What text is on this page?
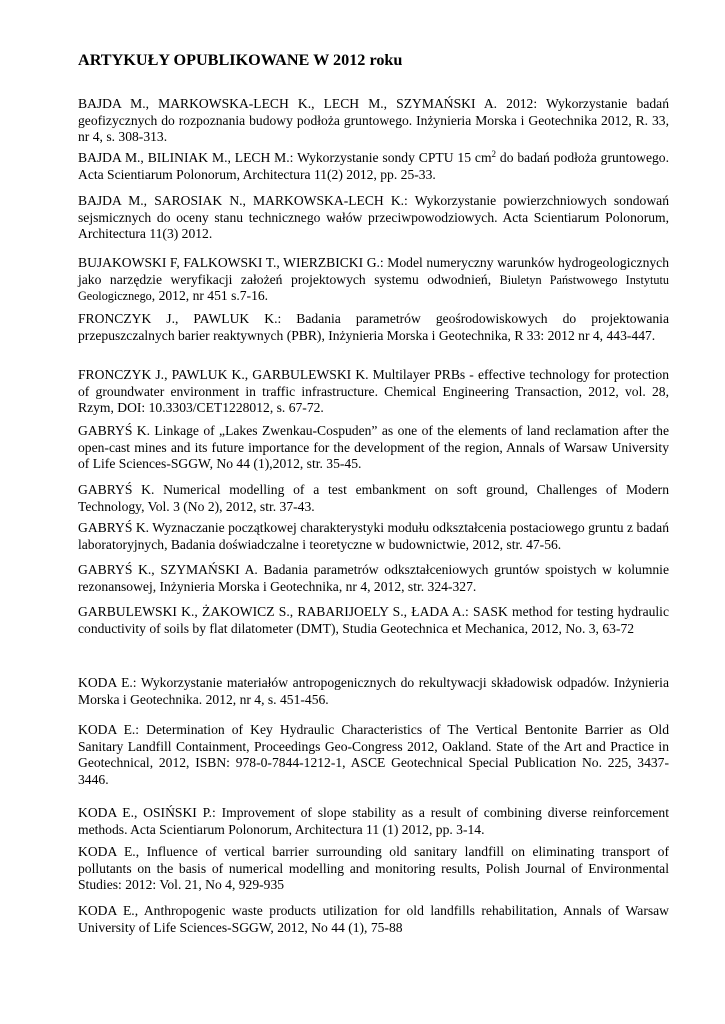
ARTYKUŁY OPUBLIKOWANE W 2012 roku

BAJDA M., MARKOWSKA-LECH K., LECH M., SZYMAŃSKI A. 2012: Wykorzystanie badań geofizycznych do rozpoznania budowy podłoża gruntowego. Inżynieria Morska i Geotechnika 2012, R. 33, nr 4, s. 308-313.

BAJDA M., BILINIAK M., LECH M.: Wykorzystanie sondy CPTU 15 $cm^2$ do badań podłoża gruntowego. Acta Scientiarum Polonorum, Architectura 11(2) 2012, pp. 25-33.

BAJDA M., SAROSIAK N., MARKOWSKA-LECH K.: Wykorzystanie powierzchniowych sondowań sejsmicznych do oceny stanu technicznego wałów przeciwpowodziowych. Acta Scientiarum Polonorum, Architectura 11(3) 2012.

BUJAKOWSKI F, FALKOWSKI T., WIERZBICKI G.: Model numeryczny warunków hydrogeologicznych jako narzędzie weryfikacji założeń projektowych systemu odwodnień, Biuletyn Państwowego Instytutu Geologicznego, 2012, nr 451 s.7-16.

FRONCZYK J., PAWLUK K.: Badania parametrów geośrodowiskowych do projektowania przepuszczalnych barier reaktywnych (PBR), Inżynieria Morska i Geotechnika, R 33: 2012 nr 4, 443-447.

FRONCZYK J., PAWLUK K., GARBULEWSKI K. Multilayer PRBs - effective technology for protection of groundwater environment in traffic infrastructure. Chemical Engineering Transaction, 2012, vol. 28, Rzym, DOI: 10.3303/CET1228012, s. 67-72.

GABRYŚ K. Linkage of „Lakes Zwenkau-Cospuden” as one of the elements of land reclamation after the open-cast mines and its future importance for the development of the region, Annals of Warsaw University of Life Sciences-SGGW, No 44 (1),2012, str. 35-45.

GABRYŚ K. Numerical modelling of a test embankment on soft ground, Challenges of Modern Technology, Vol. 3 (No 2), 2012, str. 37-43.

GABRYŚ K. Wyznaczanie początkowej charakterystyki modułu odkształcenia postaciowego gruntu z badań laboratoryjnych, Badania doświadczalne i teoretyczne w budownictwie, 2012, str. 47-56.

GABRYŚ K., SZYMAŃSKI A. Badania parametrów odkształceniowych gruntów spoistych w kolumnie rezonansowej, Inżynieria Morska i Geotechnika, nr 4, 2012, str. 324-327.

GARBULEWSKI K., ŻAKOWICZ S., RABARIJOELY S., ŁADA A.: SASK method for testing hydraulic conductivity of soils by flat dilatometer (DMT), Studia Geotechnica et Mechanica, 2012, No. 3, 63-72

KODA E.: Wykorzystanie materiałów antropogenicznych do rekultywacji składowisk odpadów. Inżynieria Morska i Geotechnika. 2012, nr 4, s. 451-456.

KODA E.: Determination of Key Hydraulic Characteristics of The Vertical Bentonite Barrier as Old Sanitary Landfill Containment, Proceedings Geo-Congress 2012, Oakland. State of the Art and Practice in Geotechnical, 2012, ISBN: 978-0-7844-1212-1, ASCE Geotechnical Special Publication No. 225, 3437-3446.

KODA E., OSIŃSKI P.: Improvement of slope stability as a result of combining diverse reinforcement methods. Acta Scientiarum Polonorum, Architectura 11 (1) 2012, pp. 3-14.

KODA E., Influence of vertical barrier surrounding old sanitary landfill on eliminating transport of pollutants on the basis of numerical modelling and monitoring results, Polish Journal of Environmental Studies: 2012: Vol. 21, No 4, 929-935

KODA E., Anthropogenic waste products utilization for old landfills rehabilitation, Annals of Warsaw University of Life Sciences-SGGW, 2012, No 44 (1), 75-88
